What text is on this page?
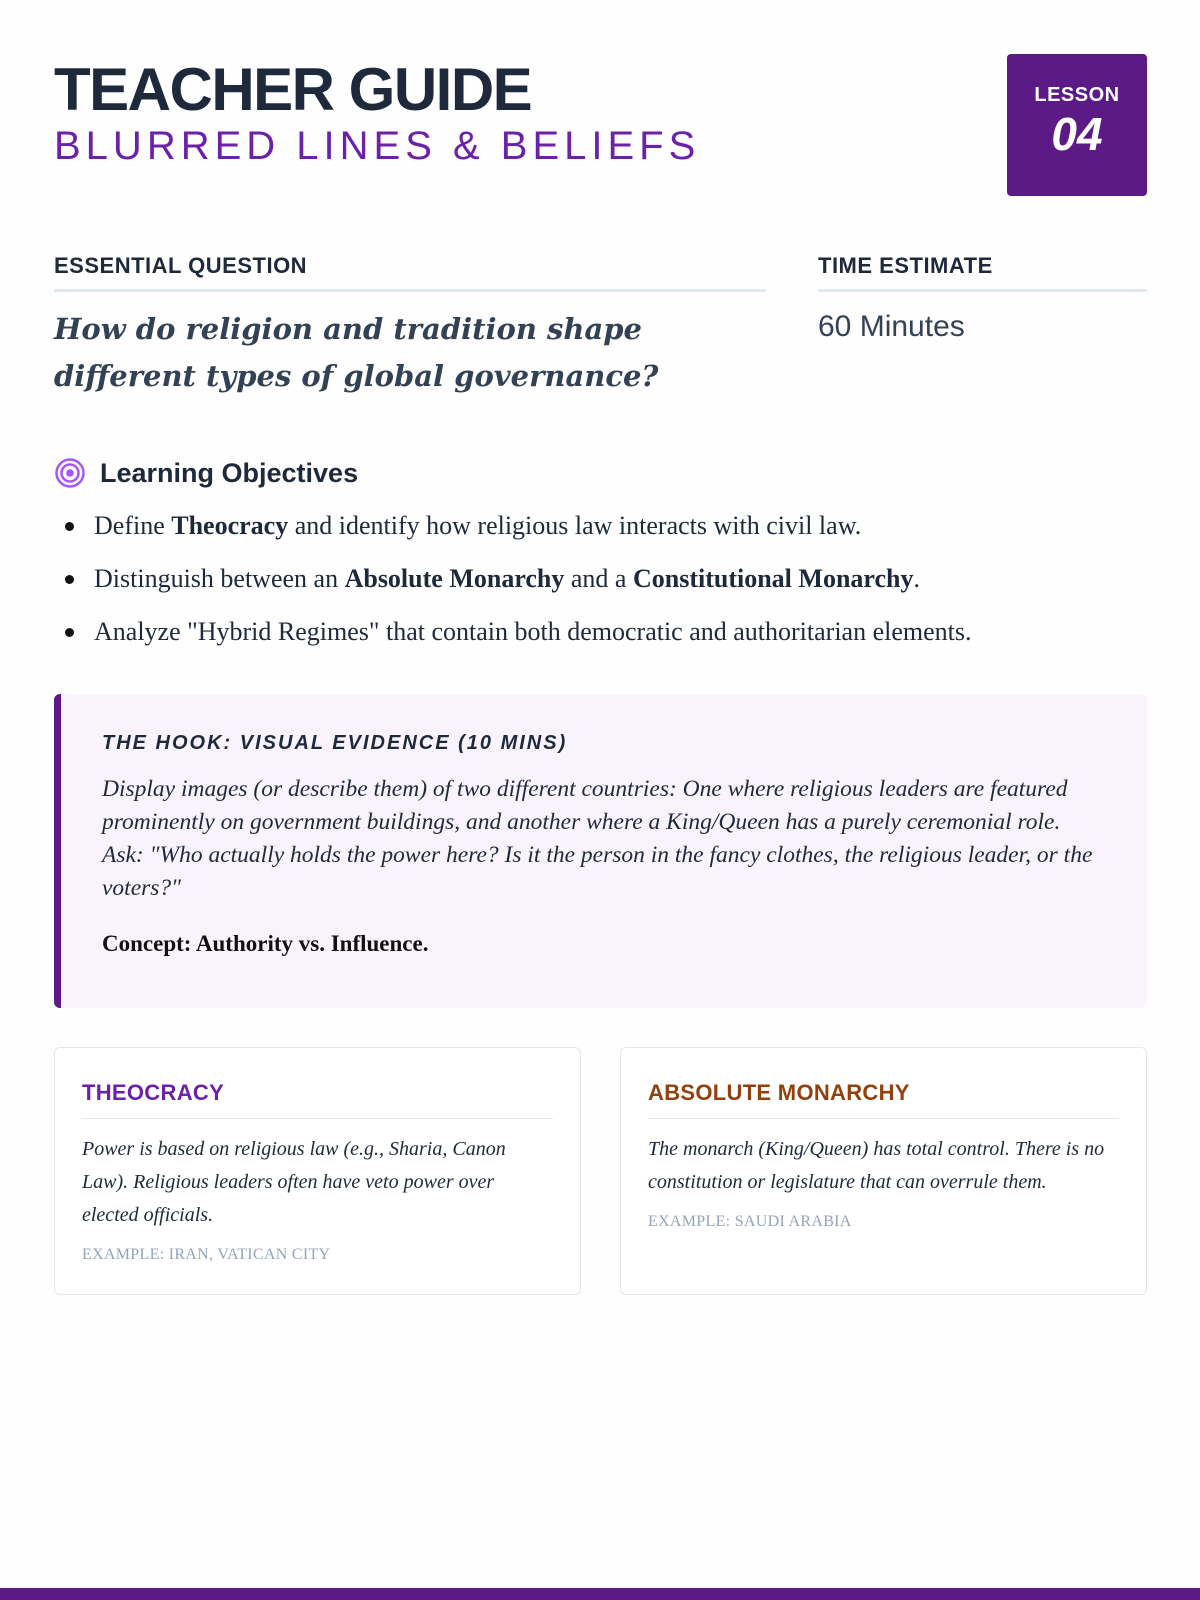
TEACHER GUIDE
BLURRED LINES & BELIEFS
LESSON
04
ESSENTIAL QUESTION
How do religion and tradition shape different types of global governance?
TIME ESTIMATE
60 Minutes
Learning Objectives
Define Theocracy and identify how religious law interacts with civil law.
Distinguish between an Absolute Monarchy and a Constitutional Monarchy.
Analyze "Hybrid Regimes" that contain both democratic and authoritarian elements.
THE HOOK: VISUAL EVIDENCE (10 MINS)
Display images (or describe them) of two different countries: One where religious leaders are featured prominently on government buildings, and another where a King/Queen has a purely ceremonial role. Ask: "Who actually holds the power here? Is it the person in the fancy clothes, the religious leader, or the voters?"
Concept: Authority vs. Influence.
THEOCRACY
Power is based on religious law (e.g., Sharia, Canon Law). Religious leaders often have veto power over elected officials.
EXAMPLE: IRAN, VATICAN CITY
ABSOLUTE MONARCHY
The monarch (King/Queen) has total control. There is no constitution or legislature that can overrule them.
EXAMPLE: SAUDI ARABIA
